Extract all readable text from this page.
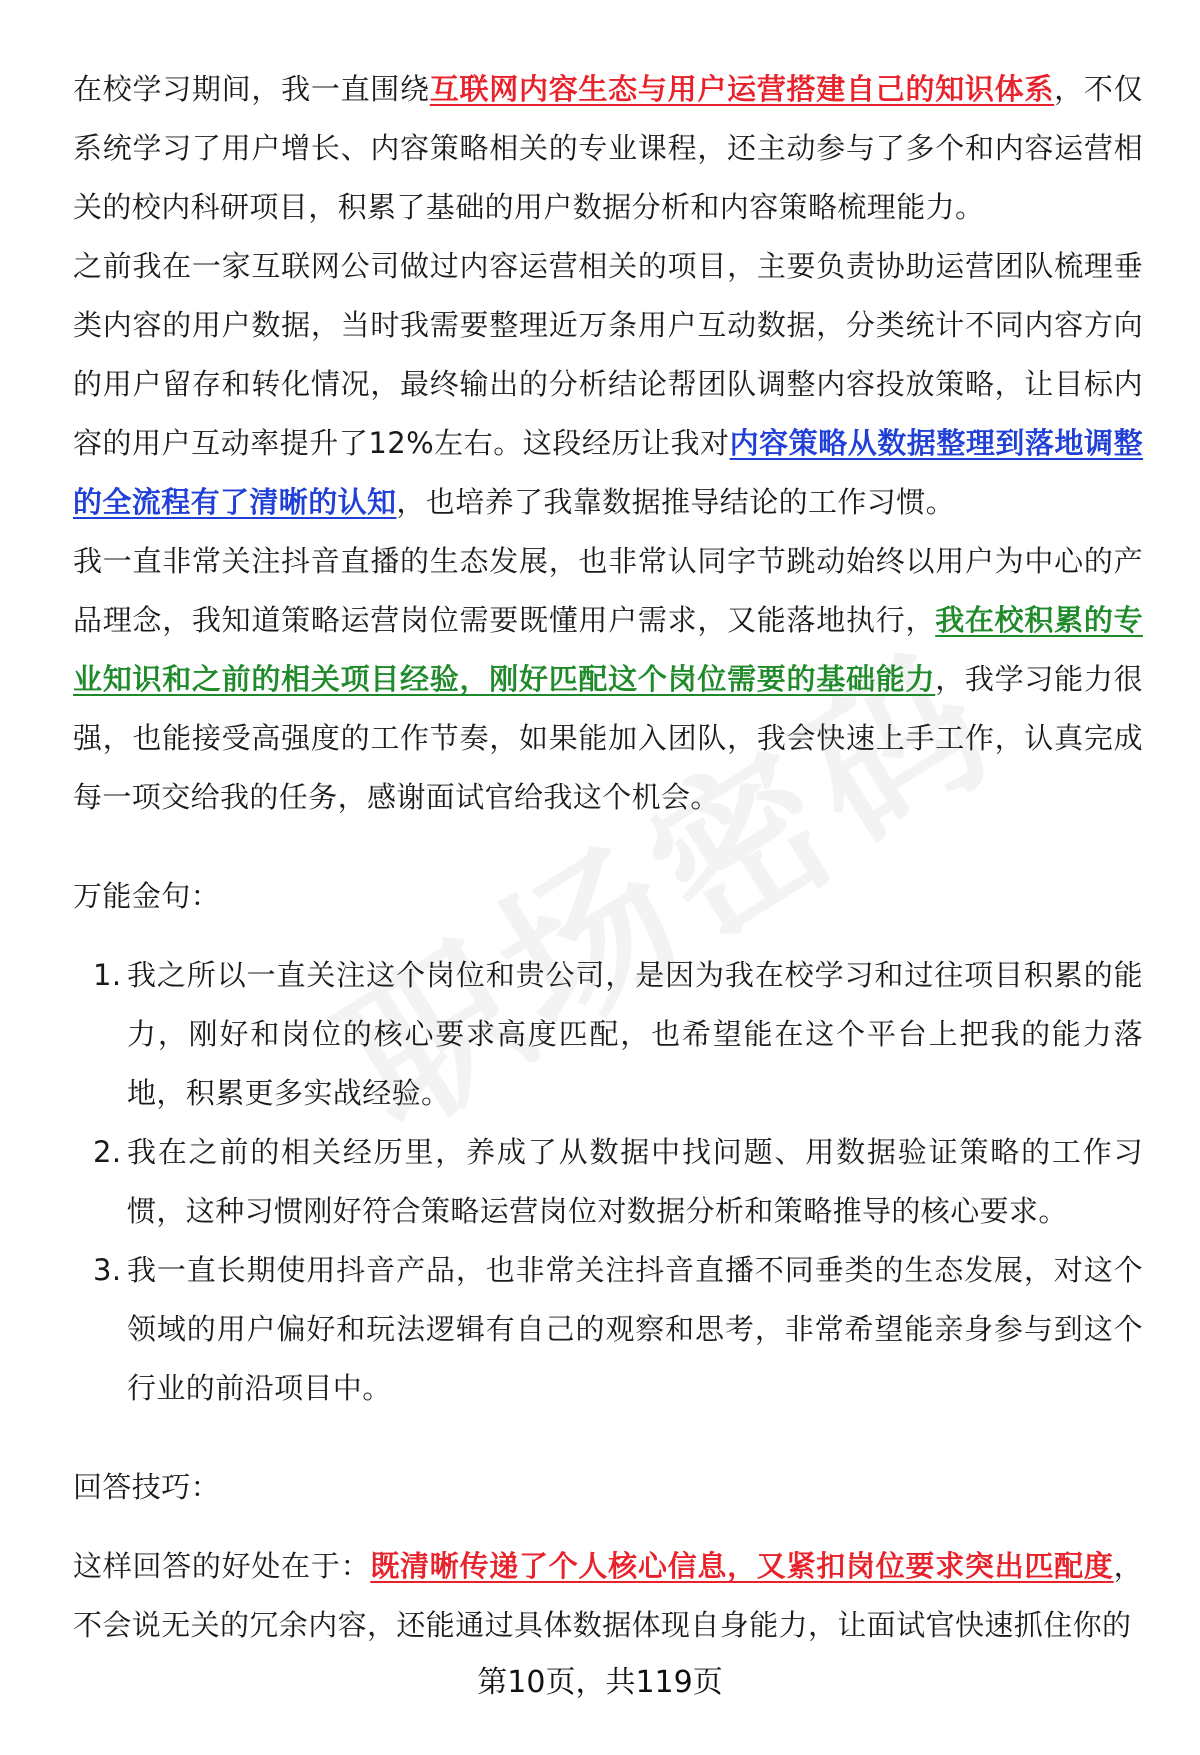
在校学习期间，我一直围绕互联网内容生态与用户运营搭建自己的知识体系，不仅系统学习了用户增长、内容策略相关的专业课程，还主动参与了多个和内容运营相关的校内科研项目，积累了基础的用户数据分析和内容策略梳理能力。

之前我在一家互联网公司做过内容运营相关的项目，主要负责协助运营团队梳理垂类内容的用户数据，当时我需要整理近万条用户互动数据，分类统计不同内容方向的用户留存和转化情况，最终输出的分析结论帮团队调整内容投放策略，让目标内容的用户互动率提升了12%左右。这段经历让我对内容策略从数据整理到落地调整的全流程有了清晰的认知，也培养了我靠数据推导结论的工作习惯。

我一直非常关注抖音直播的生态发展，也非常认同字节跳动始终以用户为中心的产品理念，我知道策略运营岗位需要既懂用户需求，又能落地执行，我在校积累的专业知识和之前的相关项目经验，刚好匹配这个岗位需要的基础能力，我学习能力很强，也能接受高强度的工作节奏，如果能加入团队，我会快速上手工作，认真完成每一项交给我的任务，感谢面试官给我这个机会。

万能金句：

1. 我之所以一直关注这个岗位和贵公司，是因为我在校学习和过往项目积累的能力，刚好和岗位的核心要求高度匹配，也希望能在这个平台上把我的能力落地，积累更多实战经验。
2. 我在之前的相关经历里，养成了从数据中找问题、用数据验证策略的工作习惯，这种习惯刚好符合策略运营岗位对数据分析和策略推导的核心要求。
3. 我一直长期使用抖音产品，也非常关注抖音直播不同垂类的生态发展，对这个领域的用户偏好和玩法逻辑有自己的观察和思考，非常希望能亲身参与到这个行业的前沿项目中。

回答技巧：

这样回答的好处在于：既清晰传递了个人核心信息，又紧扣岗位要求突出匹配度，不会说无关的冗余内容，还能通过具体数据体现自身能力，让面试官快速抓住你的

第10页，共119页
